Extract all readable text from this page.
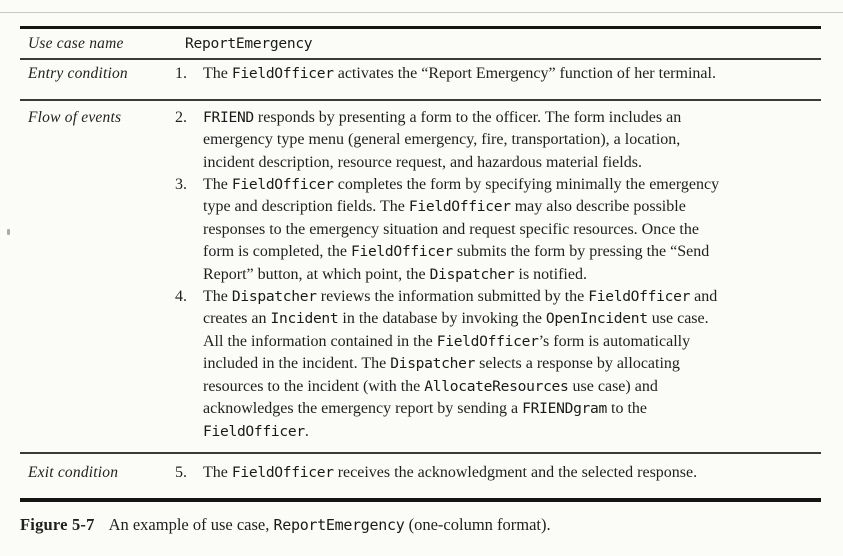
Use case name	ReportEmergency
Entry condition	1.	The FieldOfficer activates the “Report Emergency” function of her terminal.
Flow of events	2.	FRIEND responds by presenting a form to the officer. The form includes an
emergency type menu (general emergency, fire, transportation), a location,
incident description, resource request, and hazardous material fields.
3.	The FieldOfficer completes the form by specifying minimally the emergency
type and description fields. The FieldOfficer may also describe possible
responses to the emergency situation and request specific resources. Once the
form is completed, the FieldOfficer submits the form by pressing the “Send
Report” button, at which point, the Dispatcher is notified.
4.	The Dispatcher reviews the information submitted by the FieldOfficer and
creates an Incident in the database by invoking the OpenIncident use case.
All the information contained in the FieldOfficer’s form is automatically
included in the incident. The Dispatcher selects a response by allocating
resources to the incident (with the AllocateResources use case) and
acknowledges the emergency report by sending a FRIENDgram to the
FieldOfficer.
Exit condition	5.	The FieldOfficer receives the acknowledgment and the selected response.
Figure 5-7 An example of use case, ReportEmergency (one-column format).
